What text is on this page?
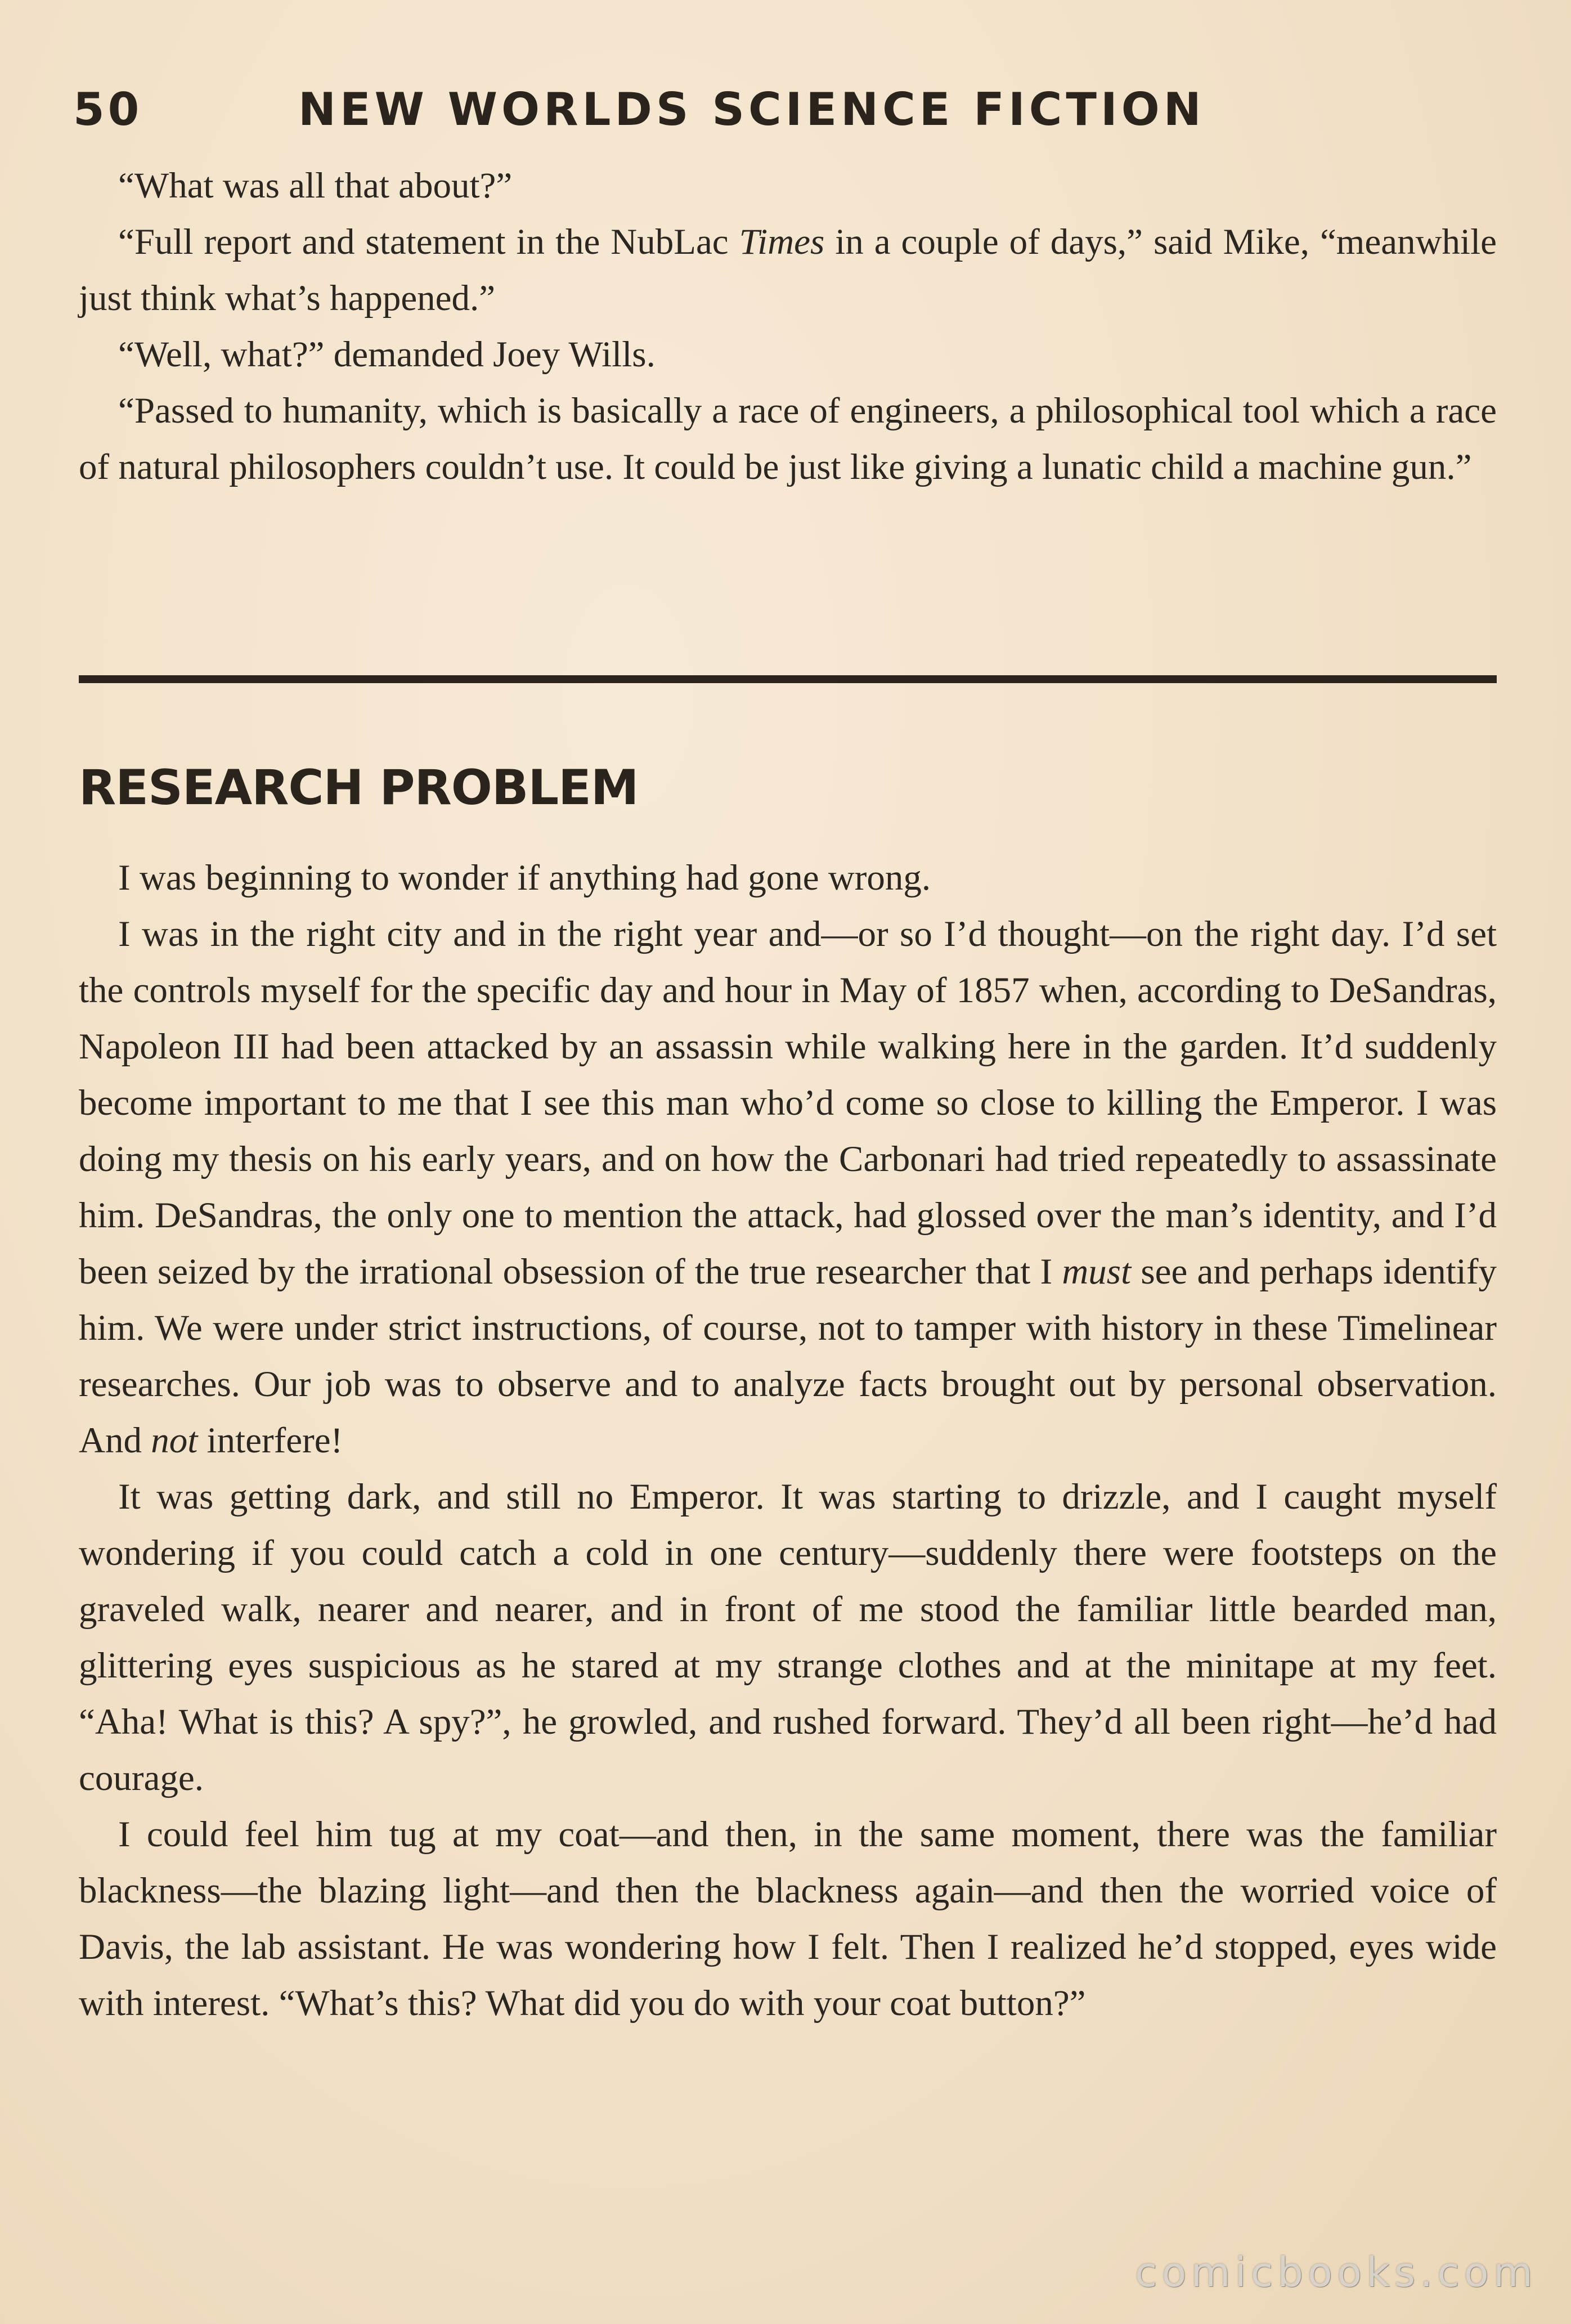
50	NEW WORLDS SCIENCE FICTION

“What was all that about?”

“Full report and statement in the NubLac Times in a couple of days,” said Mike, “meanwhile just think what’s happened.”

“Well, what?” demanded Joey Wills.

“Passed to humanity, which is basically a race of engineers, a philosophical tool which a race of natural philosophers couldn’t use. It could be just like giving a lunatic child a machine gun.”

RESEARCH PROBLEM

I was beginning to wonder if anything had gone wrong.

I was in the right city and in the right year and—or so I’d thought—on the right day. I’d set the controls myself for the specific day and hour in May of 1857 when, according to DeSandras, Napoleon III had been attacked by an assassin while walking here in the garden. It’d suddenly become important to me that I see this man who’d come so close to killing the Emperor. I was doing my thesis on his early years, and on how the Carbonari had tried repeatedly to assassinate him. DeSandras, the only one to mention the attack, had glossed over the man’s identity, and I’d been seized by the irrational obsession of the true researcher that I must see and perhaps identify him. We were under strict instructions, of course, not to tamper with history in these Timelinear researches. Our job was to observe and to analyze facts brought out by personal observation. And not interfere!

It was getting dark, and still no Emperor. It was starting to drizzle, and I caught myself wondering if you could catch a cold in one century—suddenly there were footsteps on the graveled walk, nearer and nearer, and in front of me stood the familiar little bearded man, glittering eyes suspicious as he stared at my strange clothes and at the minitape at my feet. “Aha! What is this? A spy?”, he growled, and rushed forward. They’d all been right—he’d had courage.

I could feel him tug at my coat—and then, in the same moment, there was the familiar blackness—the blazing light—and then the blackness again—and then the worried voice of Davis, the lab assistant. He was wondering how I felt. Then I realized he’d stopped, eyes wide with interest. “What’s this? What did you do with your coat button?”

comicbooks.com
